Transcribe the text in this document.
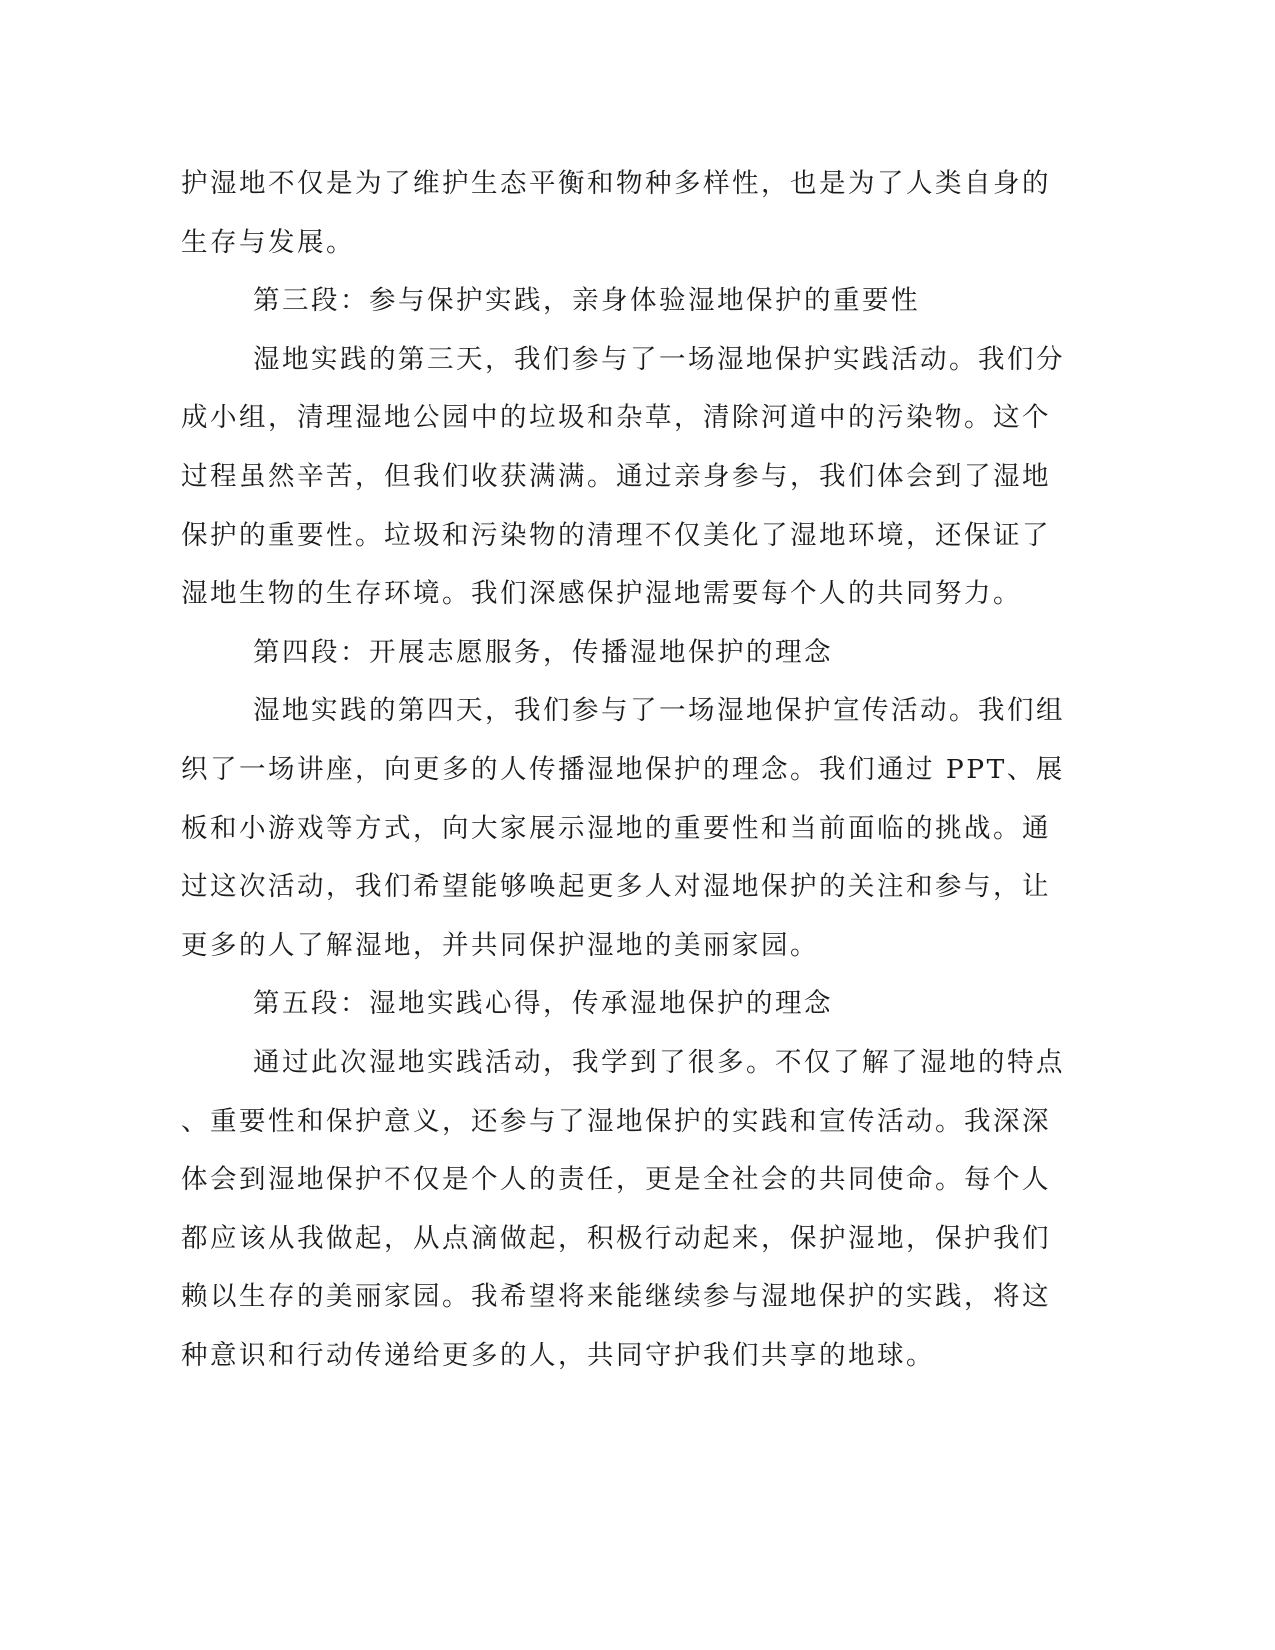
护湿地不仅是为了维护生态平衡和物种多样性，也是为了人类自身的
生存与发展。
第三段：参与保护实践，亲身体验湿地保护的重要性
湿地实践的第三天，我们参与了一场湿地保护实践活动。我们分
成小组，清理湿地公园中的垃圾和杂草，清除河道中的污染物。这个
过程虽然辛苦，但我们收获满满。通过亲身参与，我们体会到了湿地
保护的重要性。垃圾和污染物的清理不仅美化了湿地环境，还保证了
湿地生物的生存环境。我们深感保护湿地需要每个人的共同努力。
第四段：开展志愿服务，传播湿地保护的理念
湿地实践的第四天，我们参与了一场湿地保护宣传活动。我们组
织了一场讲座，向更多的人传播湿地保护的理念。我们通过 PPT、展
板和小游戏等方式，向大家展示湿地的重要性和当前面临的挑战。通
过这次活动，我们希望能够唤起更多人对湿地保护的关注和参与，让
更多的人了解湿地，并共同保护湿地的美丽家园。
第五段：湿地实践心得，传承湿地保护的理念
通过此次湿地实践活动，我学到了很多。不仅了解了湿地的特点
、重要性和保护意义，还参与了湿地保护的实践和宣传活动。我深深
体会到湿地保护不仅是个人的责任，更是全社会的共同使命。每个人
都应该从我做起，从点滴做起，积极行动起来，保护湿地，保护我们
赖以生存的美丽家园。我希望将来能继续参与湿地保护的实践，将这
种意识和行动传递给更多的人，共同守护我们共享的地球。
